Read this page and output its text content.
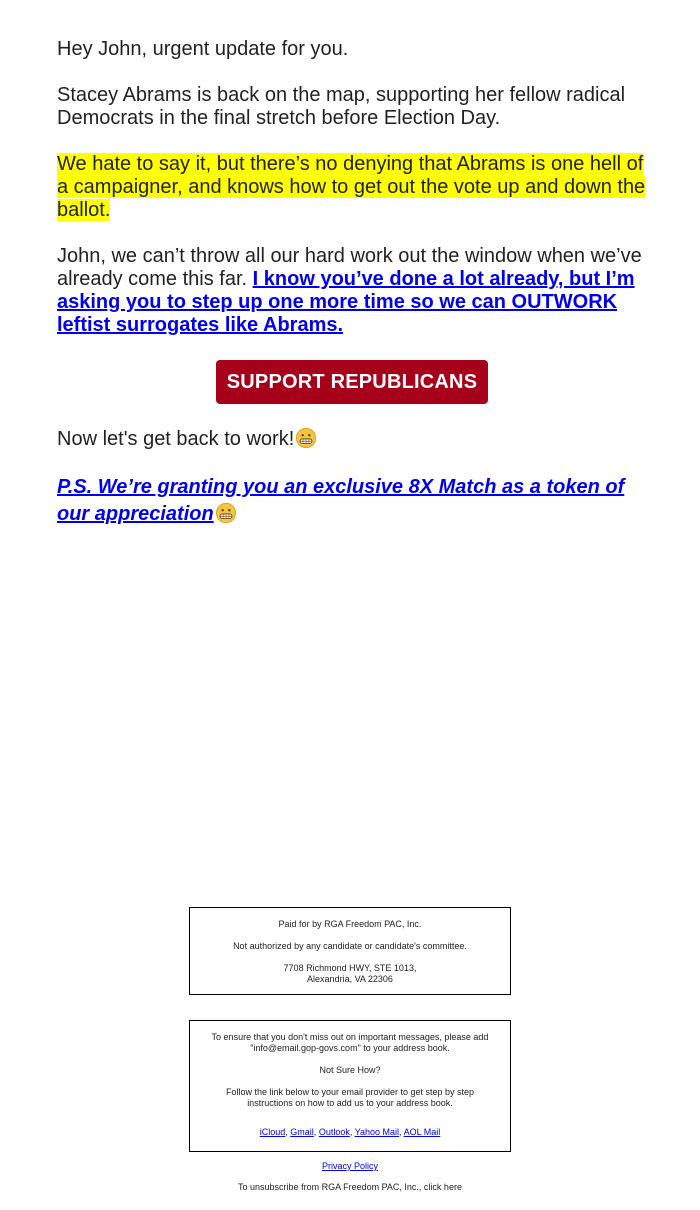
Hey John, urgent update for you.

Stacey Abrams is back on the map, supporting her fellow radical Democrats in the final stretch before Election Day.

We hate to say it, but there’s no denying that Abrams is one hell of a campaigner, and knows how to get out the vote up and down the ballot.

John, we can’t throw all our hard work out the window when we’ve already come this far. I know you’ve done a lot already, but I’m asking you to step up one more time so we can OUTWORK leftist surrogates like Abrams.

SUPPORT REPUBLICANS

Now let's get back to work!

P.S. We’re granting you an exclusive 8X Match as a token of our appreciation

Paid for by RGA Freedom PAC, Inc.

Not authorized by any candidate or candidate's committee.

7708 Richmond HWY, STE 1013,

Alexandria, VA 22306

To ensure that you don't miss out on important messages, please add "info@email.gop-govs.com" to your address book.

Not Sure How?

Follow the link below to your email provider to get step by step instructions on how to add us to your address book.

iCloud, Gmail, Outlook, Yahoo Mail, AOL Mail

Privacy Policy
To unsubscribe from RGA Freedom PAC, Inc., click here
